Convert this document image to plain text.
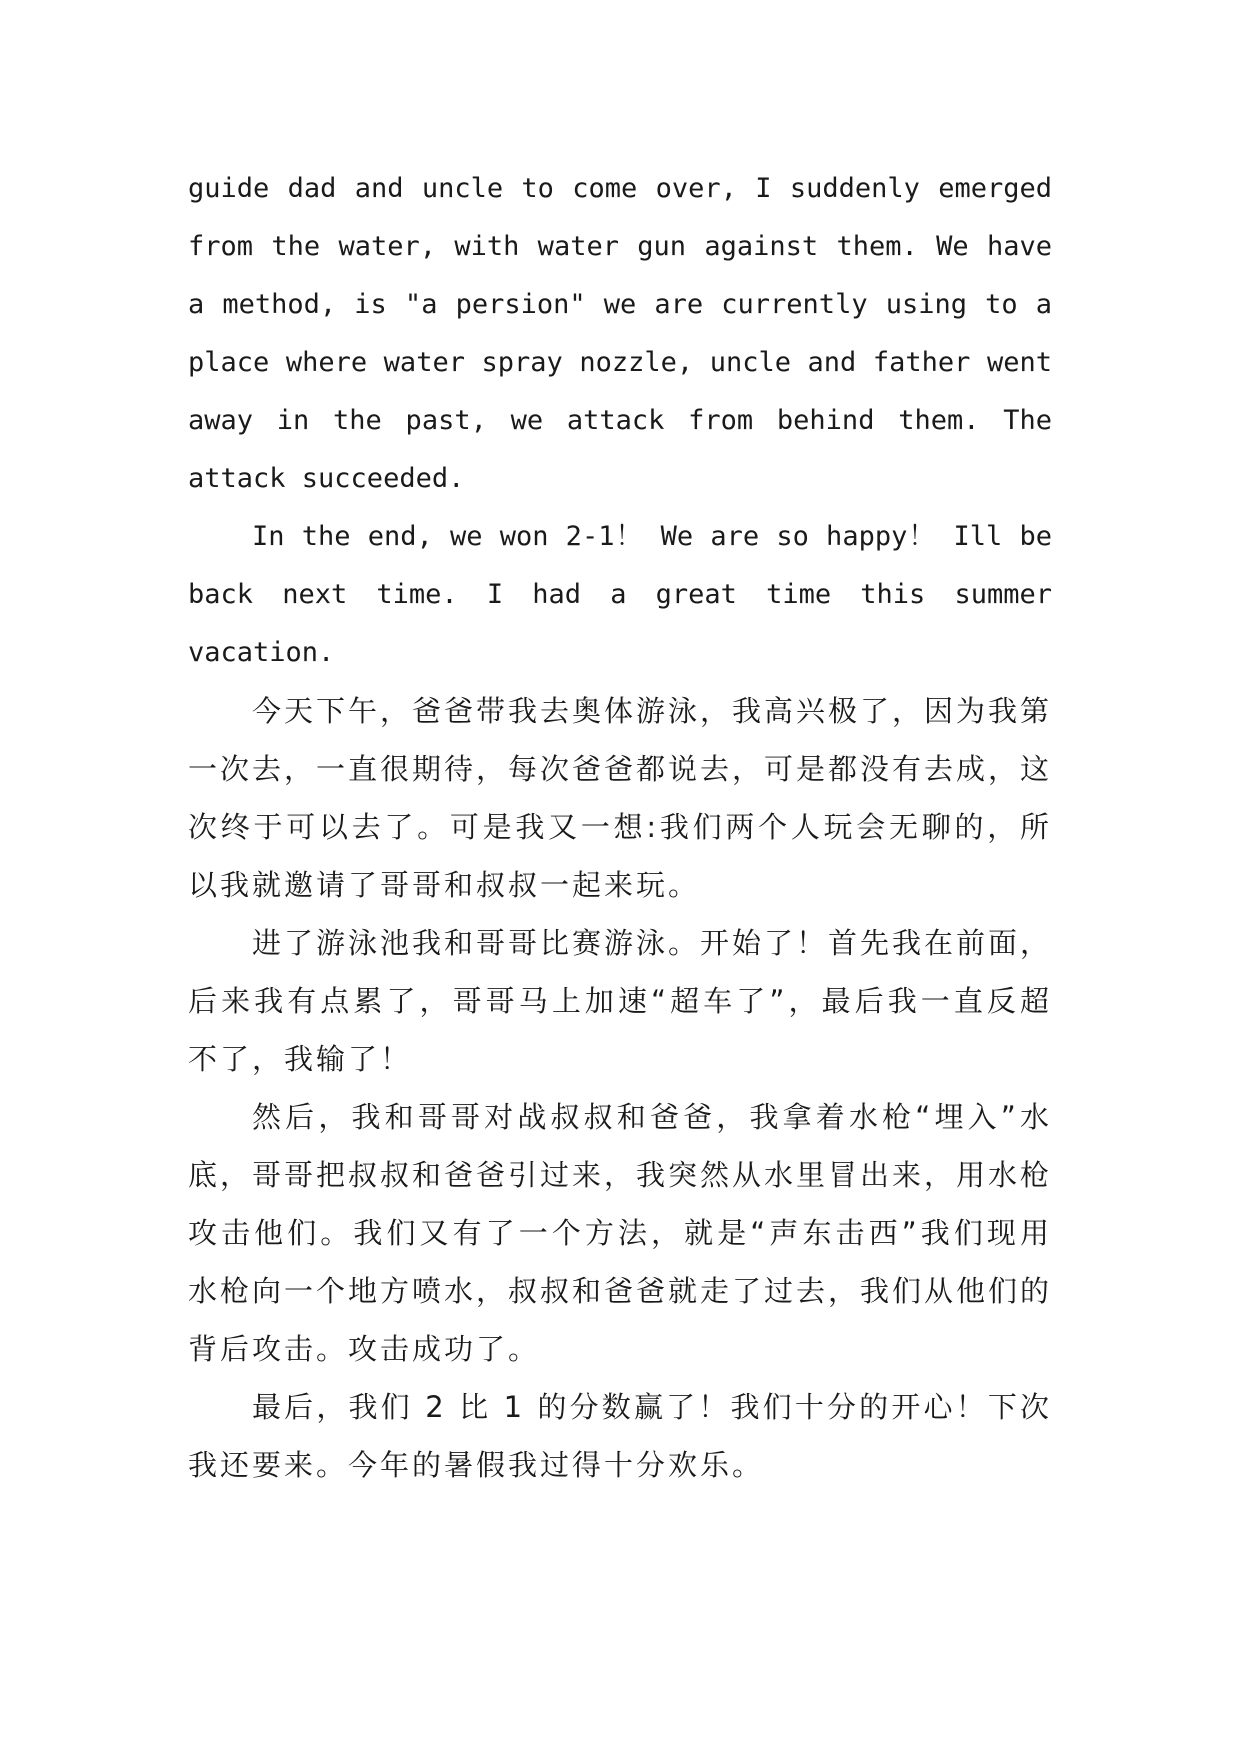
guide dad and uncle to come over, I suddenly emerged from the water, with water gun against them. We have a method, is "a persion" we are currently using to a place where water spray nozzle, uncle and father went away in the past, we attack from behind them. The attack succeeded.

In the end, we won 2-1！ We are so happy！ Ill be back next time. I had a great time this summer vacation.

今天下午，爸爸带我去奥体游泳，我高兴极了，因为我第一次去，一直很期待，每次爸爸都说去，可是都没有去成，这次终于可以去了。可是我又一想:我们两个人玩会无聊的，所以我就邀请了哥哥和叔叔一起来玩。

进了游泳池我和哥哥比赛游泳。开始了！首先我在前面，后来我有点累了，哥哥马上加速“超车了”，最后我一直反超不了，我输了！

然后，我和哥哥对战叔叔和爸爸，我拿着水枪“埋入”水底，哥哥把叔叔和爸爸引过来，我突然从水里冒出来，用水枪攻击他们。我们又有了一个方法，就是“声东击西”我们现用水枪向一个地方喷水，叔叔和爸爸就走了过去，我们从他们的背后攻击。攻击成功了。

最后，我们 2 比 1 的分数赢了！我们十分的开心！下次我还要来。今年的暑假我过得十分欢乐。
